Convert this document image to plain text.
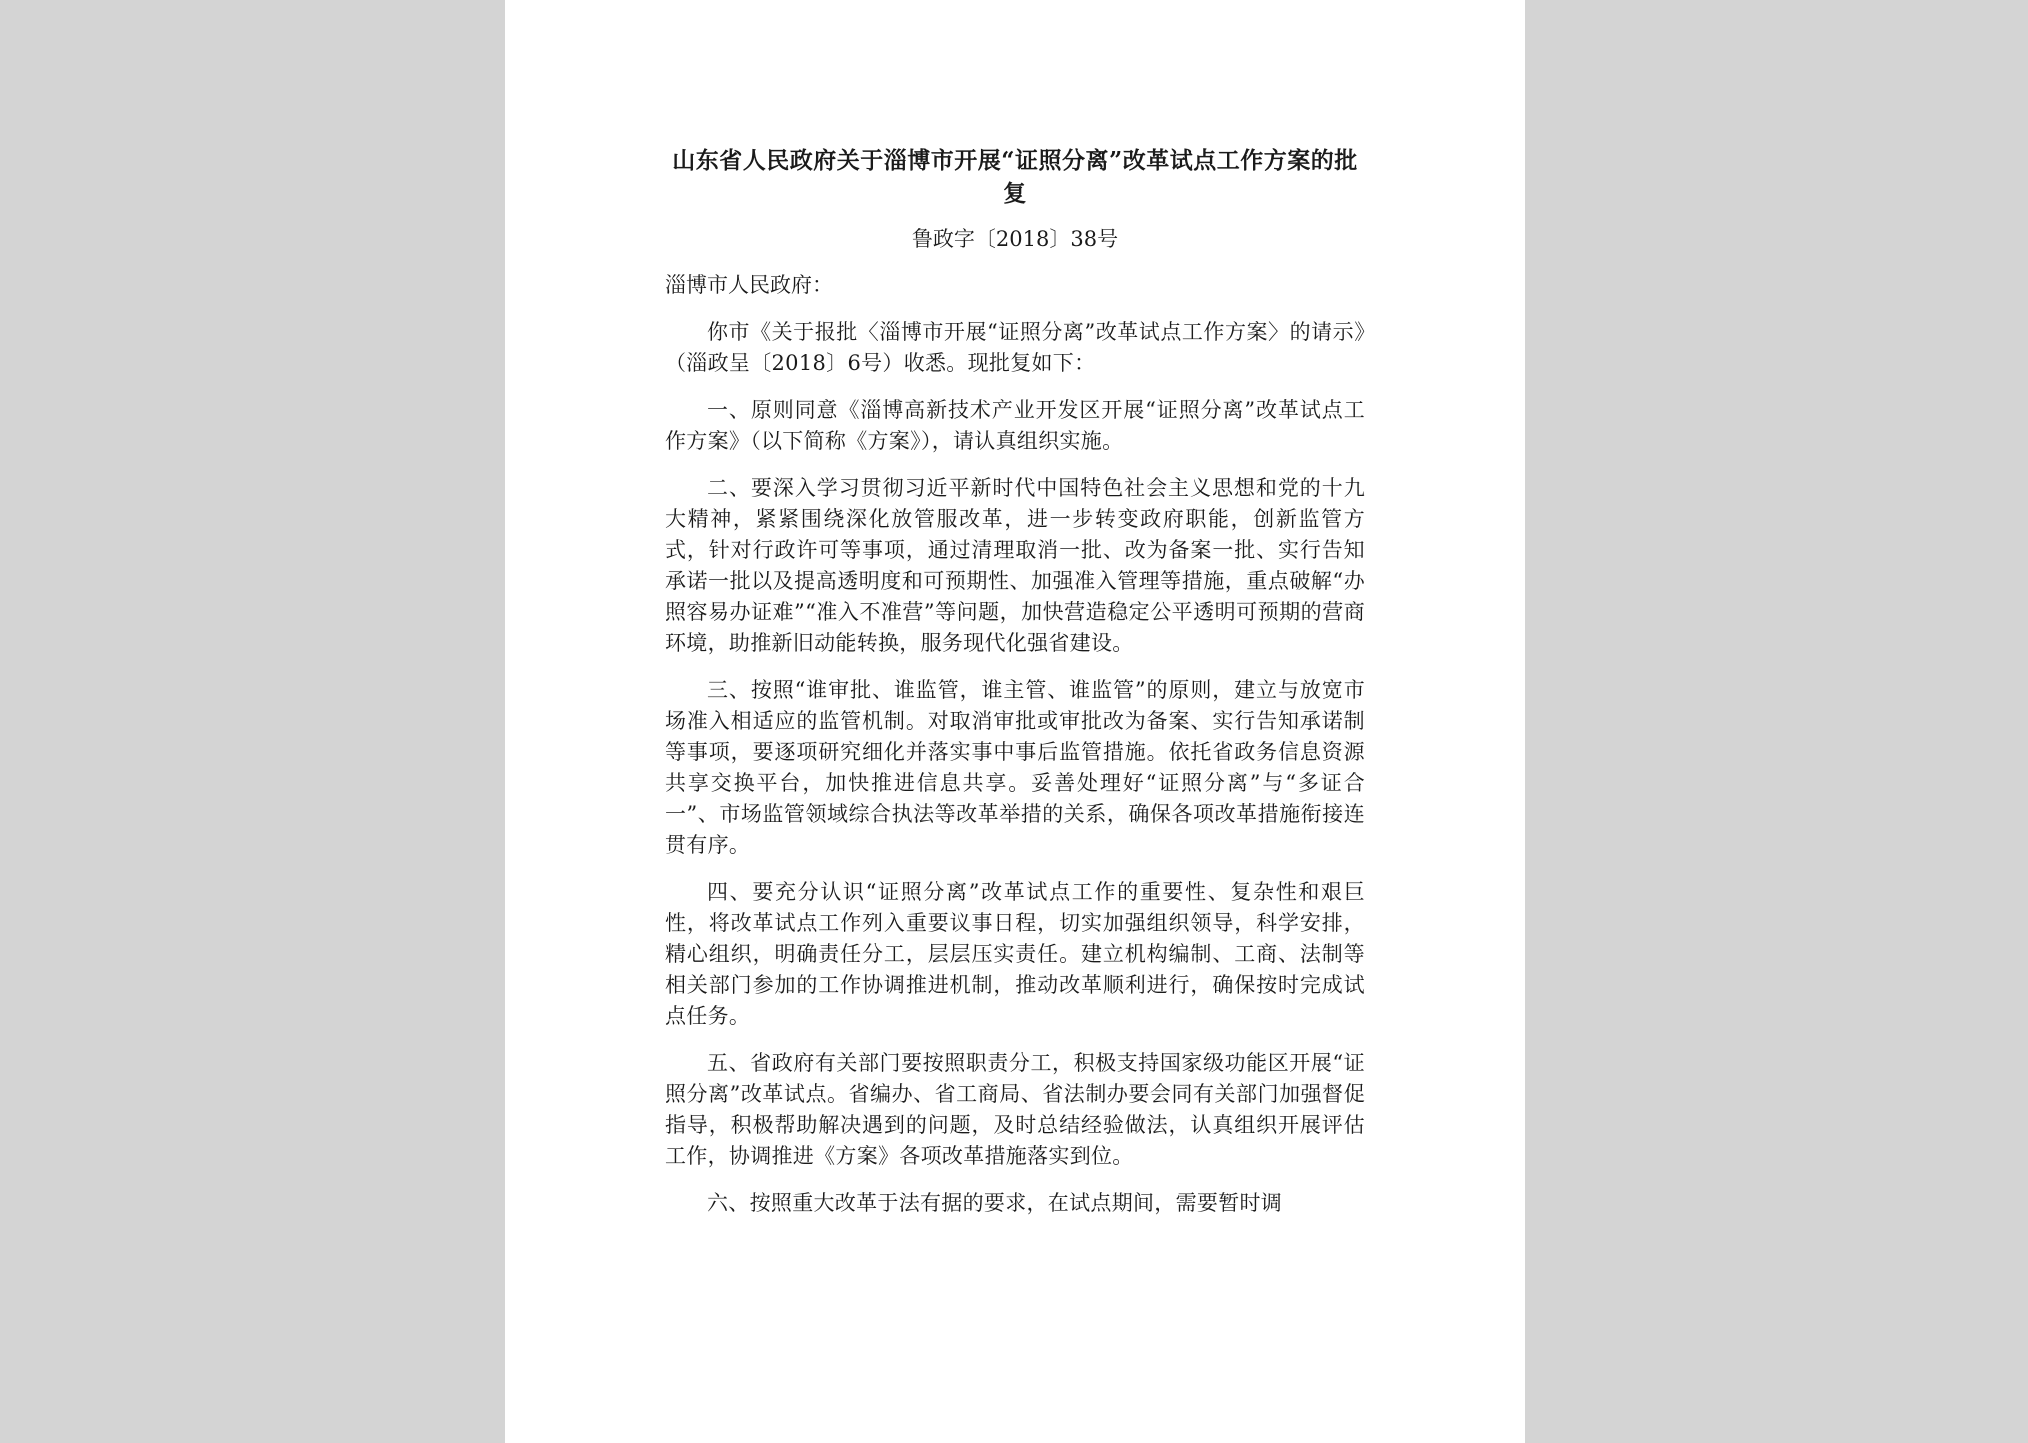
山东省人民政府关于淄博市开展“证照分离”改革试点工作方案的批复

鲁政字〔2018〕38号

淄博市人民政府：

你市《关于报批〈淄博市开展“证照分离”改革试点工作方案〉的请示》（淄政呈〔2018〕6号）收悉。现批复如下：

一、原则同意《淄博高新技术产业开发区开展“证照分离”改革试点工作方案》（以下简称《方案》），请认真组织实施。

二、要深入学习贯彻习近平新时代中国特色社会主义思想和党的十九大精神，紧紧围绕深化放管服改革，进一步转变政府职能，创新监管方式，针对行政许可等事项，通过清理取消一批、改为备案一批、实行告知承诺一批以及提高透明度和可预期性、加强准入管理等措施，重点破解“办照容易办证难”“准入不准营”等问题，加快营造稳定公平透明可预期的营商环境，助推新旧动能转换，服务现代化强省建设。

三、按照“谁审批、谁监管，谁主管、谁监管”的原则，建立与放宽市场准入相适应的监管机制。对取消审批或审批改为备案、实行告知承诺制等事项，要逐项研究细化并落实事中事后监管措施。依托省政务信息资源共享交换平台，加快推进信息共享。妥善处理好“证照分离”与“多证合一”、市场监管领域综合执法等改革举措的关系，确保各项改革措施衔接连贯有序。

四、要充分认识“证照分离”改革试点工作的重要性、复杂性和艰巨性，将改革试点工作列入重要议事日程，切实加强组织领导，科学安排，精心组织，明确责任分工，层层压实责任。建立机构编制、工商、法制等相关部门参加的工作协调推进机制，推动改革顺利进行，确保按时完成试点任务。

五、省政府有关部门要按照职责分工，积极支持国家级功能区开展“证照分离”改革试点。省编办、省工商局、省法制办要会同有关部门加强督促指导，积极帮助解决遇到的问题，及时总结经验做法，认真组织开展评估工作，协调推进《方案》各项改革措施落实到位。

六、按照重大改革于法有据的要求，在试点期间，需要暂时调
